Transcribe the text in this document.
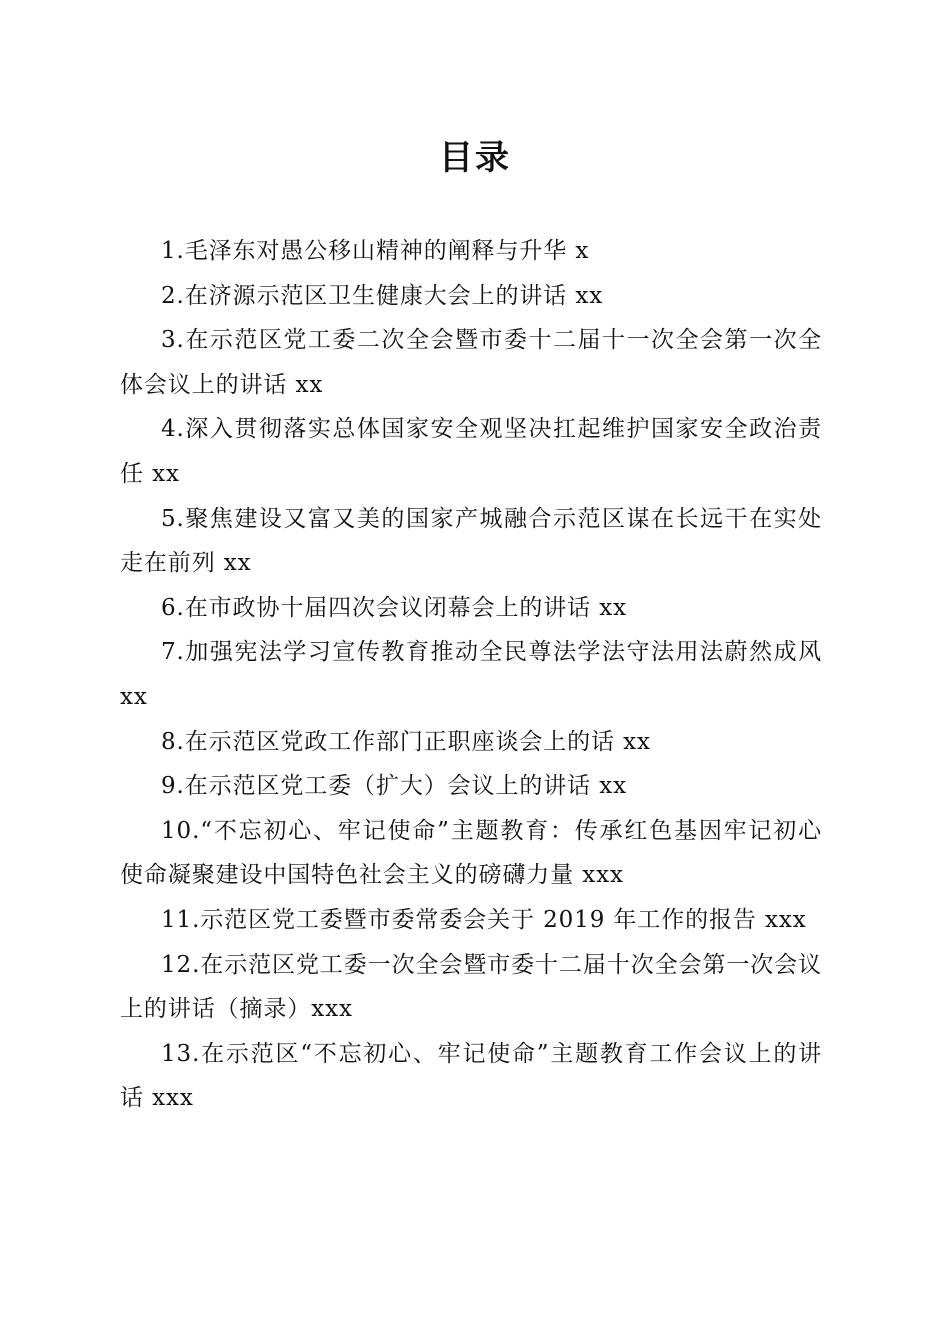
目录
1.毛泽东对愚公移山精神的阐释与升华 x
2.在济源示范区卫生健康大会上的讲话 xx
3.在示范区党工委二次全会暨市委十二届十一次全会第一次全体会议上的讲话 xx
4.深入贯彻落实总体国家安全观坚决扛起维护国家安全政治责任 xx
5.聚焦建设又富又美的国家产城融合示范区谋在长远干在实处走在前列 xx
6.在市政协十届四次会议闭幕会上的讲话 xx
7.加强宪法学习宣传教育推动全民尊法学法守法用法蔚然成风 xx
8.在示范区党政工作部门正职座谈会上的话 xx
9.在示范区党工委（扩大）会议上的讲话 xx
10.“不忘初心、牢记使命”主题教育：传承红色基因牢记初心使命凝聚建设中国特色社会主义的磅礴力量 xxx
11.示范区党工委暨市委常委会关于 2019 年工作的报告 xxx
12.在示范区党工委一次全会暨市委十二届十次全会第一次会议上的讲话（摘录）xxx
13.在示范区“不忘初心、牢记使命”主题教育工作会议上的讲话 xxx
